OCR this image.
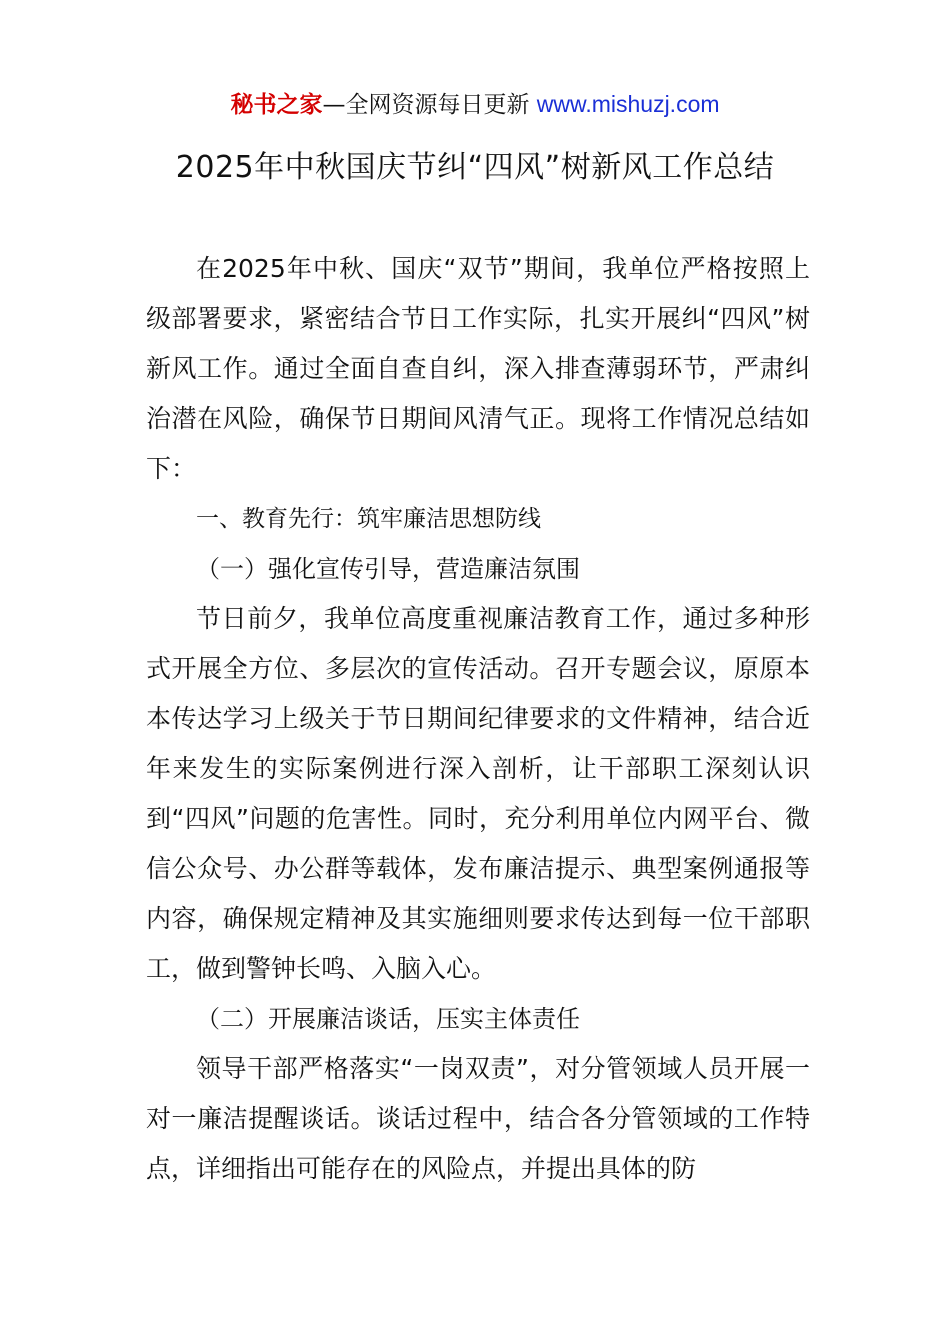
秘书之家—全网资源每日更新 www.mishuzj.com
2025年中秋国庆节纠“四风”树新风工作总结

在2025年中秋、国庆“双节”期间，我单位严格按照上级部署要求，紧密结合节日工作实际，扎实开展纠“四风”树新风工作。通过全面自查自纠，深入排查薄弱环节，严肃纠治潜在风险，确保节日期间风清气正。现将工作情况总结如下：

一、教育先行：筑牢廉洁思想防线

（一）强化宣传引导，营造廉洁氛围

节日前夕，我单位高度重视廉洁教育工作，通过多种形式开展全方位、多层次的宣传活动。召开专题会议，原原本本传达学习上级关于节日期间纪律要求的文件精神，结合近年来发生的实际案例进行深入剖析，让干部职工深刻认识到“四风”问题的危害性。同时，充分利用单位内网平台、微信公众号、办公群等载体，发布廉洁提示、典型案例通报等内容，确保规定精神及其实施细则要求传达到每一位干部职工，做到警钟长鸣、入脑入心。

（二）开展廉洁谈话，压实主体责任

领导干部严格落实“一岗双责”，对分管领域人员开展一对一廉洁提醒谈话。谈话过程中，结合各分管领域的工作特点，详细指出可能存在的风险点，并提出具体的防
